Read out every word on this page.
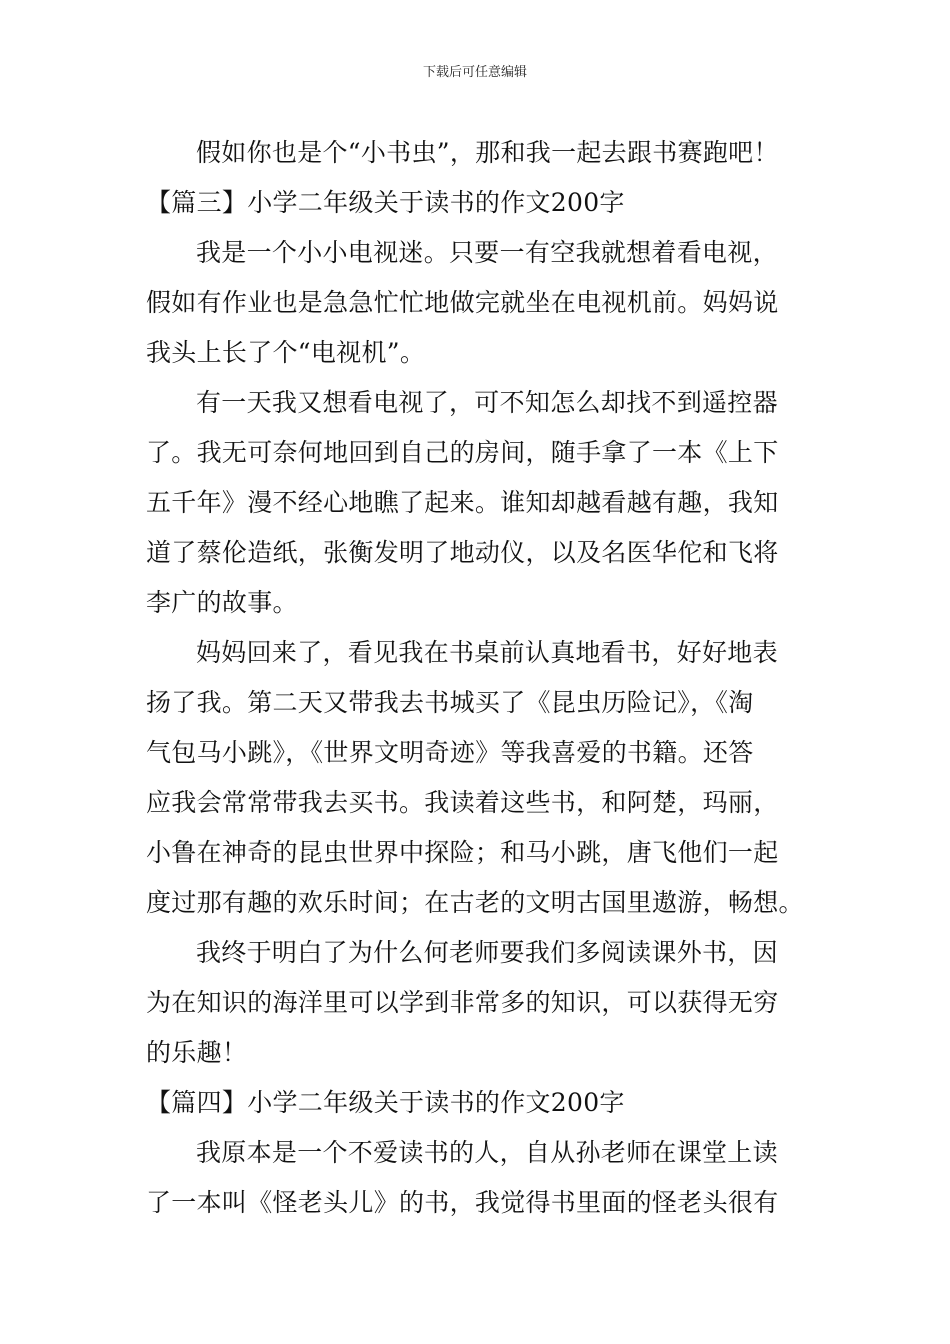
下载后可任意编辑

假如你也是个“小书虫”，那和我一起去跟书赛跑吧！

【篇三】小学二年级关于读书的作文200字

我是一个小小电视迷。只要一有空我就想着看电视，

假如有作业也是急急忙忙地做完就坐在电视机前。妈妈说

我头上长了个“电视机”。

有一天我又想看电视了，可不知怎么却找不到遥控器

了。我无可奈何地回到自己的房间，随手拿了一本《上下

五千年》漫不经心地瞧了起来。谁知却越看越有趣，我知

道了蔡伦造纸，张衡发明了地动仪，以及名医华佗和飞将

李广的故事。

妈妈回来了，看见我在书桌前认真地看书，好好地表

扬了我。第二天又带我去书城买了《昆虫历险记》，《淘

气包马小跳》，《世界文明奇迹》等我喜爱的书籍。还答

应我会常常带我去买书。我读着这些书，和阿楚，玛丽，

小鲁在神奇的昆虫世界中探险；和马小跳，唐飞他们一起

度过那有趣的欢乐时间；在古老的文明古国里遨游，畅想。

我终于明白了为什么何老师要我们多阅读课外书，因

为在知识的海洋里可以学到非常多的知识，可以获得无穷

的乐趣！

【篇四】小学二年级关于读书的作文200字

我原本是一个不爱读书的人，自从孙老师在课堂上读

了一本叫《怪老头儿》的书，我觉得书里面的怪老头很有
